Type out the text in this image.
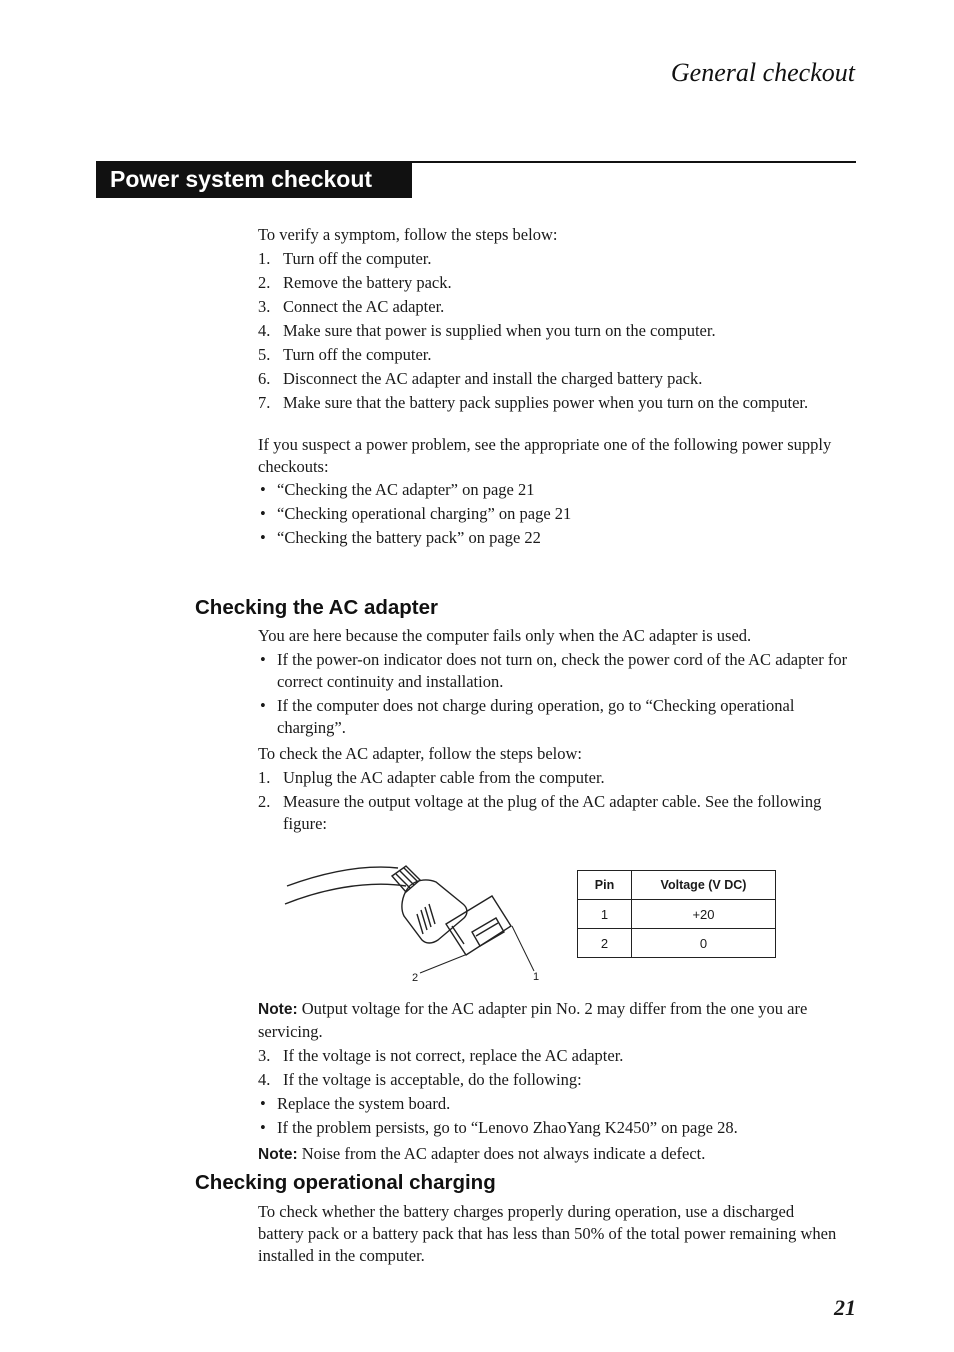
General checkout
Power system checkout

To verify a symptom, follow the steps below:

1. Turn off the computer.
2. Remove the battery pack.
3. Connect the AC adapter.
4. Make sure that power is supplied when you turn on the computer.
5. Turn off the computer.
6. Disconnect the AC adapter and install the charged battery pack.
7. Make sure that the battery pack supplies power when you turn on the computer.

If you suspect a power problem, see the appropriate one of the following power supply checkouts:

• “Checking the AC adapter” on page 21
• “Checking operational charging” on page 21
• “Checking the battery pack” on page 22
Checking the AC adapter

You are here because the computer fails only when the AC adapter is used.

• If the power-on indicator does not turn on, check the power cord of the AC adapter for correct continuity and installation.
• If the computer does not charge during operation, go to “Checking operational charging”.

To check the AC adapter, follow the steps below:

1. Unplug the AC adapter cable from the computer.
2. Measure the output voltage at the plug of the AC adapter cable. See the following figure:
2	1
Pin	Voltage (V DC)
1	+20
2	0

Note: Output voltage for the AC adapter pin No. 2 may differ from the one you are servicing.

3. If the voltage is not correct, replace the AC adapter.
4. If the voltage is acceptable, do the following:
• Replace the system board.
• If the problem persists, go to “Lenovo ZhaoYang K2450” on page 28.

Note: Noise from the AC adapter does not always indicate a defect.

Checking operational charging

To check whether the battery charges properly during operation, use a discharged battery pack or a battery pack that has less than 50% of the total power remaining when installed in the computer.

21
